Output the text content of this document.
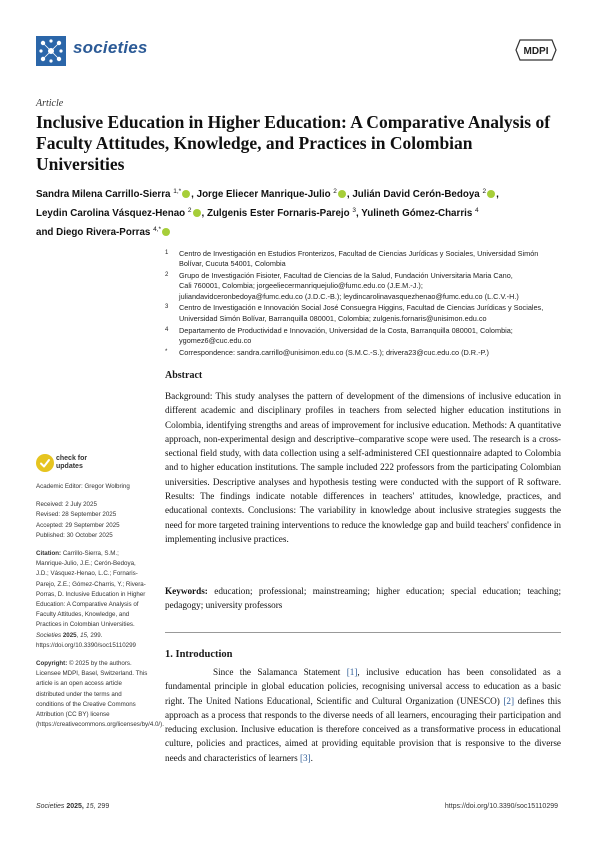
societies	MDPI
Article
Inclusive Education in Higher Education: A Comparative Analysis of Faculty Attitudes, Knowledge, and Practices in Colombian Universities
Sandra Milena Carrillo-Sierra $^{1,*}$ , Jorge Eliecer Manrique-Julio $^2$ , Julián David Cerón-Bedoya $^2$ ,
Leydin Carolina Vásquez-Henao $^2$ , Zulgenis Ester Fornaris-Parejo $^3$, Yulineth Gómez-Charris $^4$
and Diego Rivera-Porras $^{4,*}$
1 Centro de Investigación en Estudios Fronterizos, Facultad de Ciencias Jurídicas y Sociales, Universidad Simón
Bolívar, Cucuta 54001, Colombia
2 Grupo de Investigación Fisioter, Facultad de Ciencias de la Salud, Fundación Universitaria Maria Cano,
Cali 760001, Colombia; jorgeeliecermanriquejulio@fumc.edu.co (J.E.M.-J.);
juliandavidceronbedoya@fumc.edu.co (J.D.C.-B.); leydincarolinavasquezhenao@fumc.edu.co (L.C.V.-H.)
3 Centro de Investigación e Innovación Social José Consuegra Higgins, Facultad de Ciencias Jurídicas y Sociales,
Universidad Simón Bolívar, Barranquilla 080001, Colombia; zulgenis.fornaris@unisimon.edu.co
4 Departamento de Productividad e Innovación, Universidad de la Costa, Barranquilla 080001, Colombia;
ygomez6@cuc.edu.co
* Correspondence: sandra.carrillo@unisimon.edu.co (S.M.C.-S.); drivera23@cuc.edu.co (D.R.-P.)
Abstract
Background: This study analyses the pattern of development of the dimensions of inclusive education in different academic and disciplinary profiles in teachers from selected higher education institutions in Colombia, identifying strengths and areas of improvement for inclusive education. Methods: A quantitative approach, non-experimental design and descriptive–comparative scope were used. The research is a cross-sectional field study, with data collection using a self-administered CEI questionnaire adapted to Colombia and to higher education institutions. The sample included 222 professors from the participating Colombian universities. Descriptive analyses and hypothesis testing were conducted with the support of R software. Results: The findings indicate notable differences in teachers' attitudes, knowledge, practices, and educational contexts. Conclusions: The variability in knowledge about inclusive strategies suggests the need for more targeted training interventions to reduce the knowledge gap and build teachers' confidence in implementing inclusive practices.
Keywords: education; professional; mainstreaming; higher education; special education; teaching; pedagogy; university professors
check for
updates
Academic Editor: Gregor Wolbring
Received: 2 July 2025
Revised: 28 September 2025
Accepted: 29 September 2025
Published: 30 October 2025
Citation: Carrillo-Sierra, S.M.; Manrique-Julio, J.E.; Cerón-Bedoya, J.D.; Vásquez-Henao, L.C.; Fornaris-Parejo, Z.E.; Gómez-Charris, Y.; Rivera-Porras, D. Inclusive Education in Higher Education: A Comparative Analysis of Faculty Attitudes, Knowledge, and Practices in Colombian Universities. Societies 2025, 15, 299. https://doi.org/10.3390/soc15110299
Copyright: © 2025 by the authors. Licensee MDPI, Basel, Switzerland. This article is an open access article distributed under the terms and conditions of the Creative Commons Attribution (CC BY) license (https://creativecommons.org/licenses/by/4.0/).
1. Introduction
Since the Salamanca Statement [1], inclusive education has been consolidated as a fundamental principle in global education policies, recognising universal access to education as a basic right. The United Nations Educational, Scientific and Cultural Organization (UNESCO) [2] defines this approach as a process that responds to the diverse needs of all learners, encouraging their participation and reducing exclusion. Inclusive education is therefore conceived as a transformative process in educational culture, policies and practices, aimed at providing equitable provision that is responsive to the diverse needs and characteristics of learners [3].
Societies 2025, 15, 299	https://doi.org/10.3390/soc15110299
